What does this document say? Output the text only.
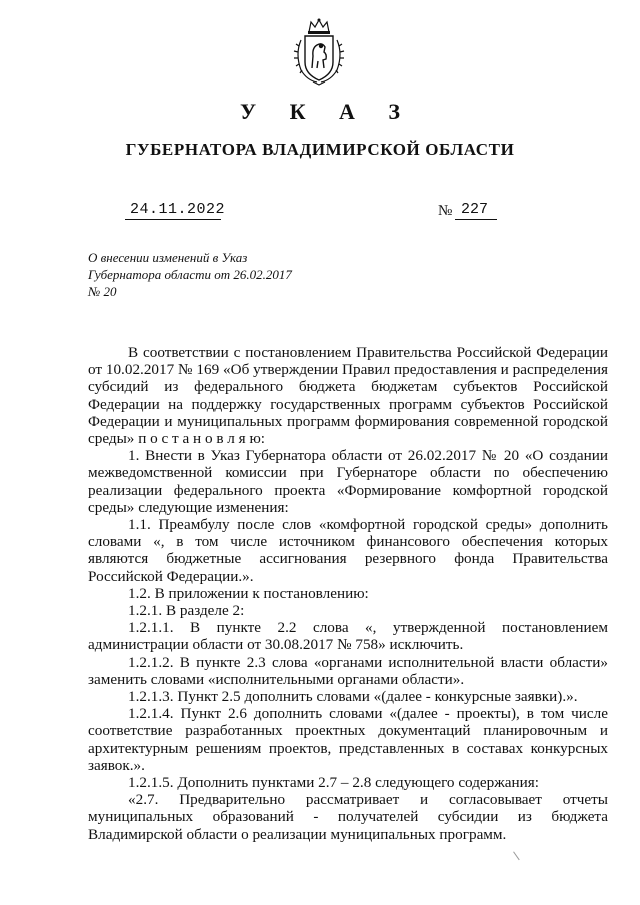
У К А З
ГУБЕРНАТОРА ВЛАДИМИРСКОЙ ОБЛАСТИ
24.11.2022	№ 227
О внесении изменений в Указ
Губернатора области от 26.02.2017
№ 20

В соответствии с постановлением Правительства Российской Федерации от 10.02.2017 № 169 «Об утверждении Правил предоставления и распределения субсидий из федерального бюджета бюджетам субъектов Российской Федерации на поддержку государственных программ субъектов Российской Федерации и муниципальных программ формирования современной городской среды» п о с т а н о в л я ю:

1. Внести в Указ Губернатора области от 26.02.2017 № 20 «О создании межведомственной комиссии при Губернаторе области по обеспечению реализации федерального проекта «Формирование комфортной городской среды» следующие изменения:

1.1. Преамбулу после слов «комфортной городской среды» дополнить словами «, в том числе источником финансового обеспечения которых являются бюджетные ассигнования резервного фонда Правительства Российской Федерации.».

1.2. В приложении к постановлению:

1.2.1. В разделе 2:

1.2.1.1. В пункте 2.2 слова «, утвержденной постановлением администрации области от 30.08.2017 № 758» исключить.

1.2.1.2. В пункте 2.3 слова «органами исполнительной власти области» заменить словами «исполнительными органами области».

1.2.1.3. Пункт 2.5 дополнить словами «(далее - конкурсные заявки).».

1.2.1.4. Пункт 2.6 дополнить словами «(далее - проекты), в том числе соответствие разработанных проектных документаций планировочным и архитектурным решениям проектов, представленных в составах конкурсных заявок.».

1.2.1.5. Дополнить пунктами 2.7 – 2.8 следующего содержания:

«2.7. Предварительно рассматривает и согласовывает отчеты муниципальных образований - получателей субсидии из бюджета Владимирской области о реализации муниципальных программ.
